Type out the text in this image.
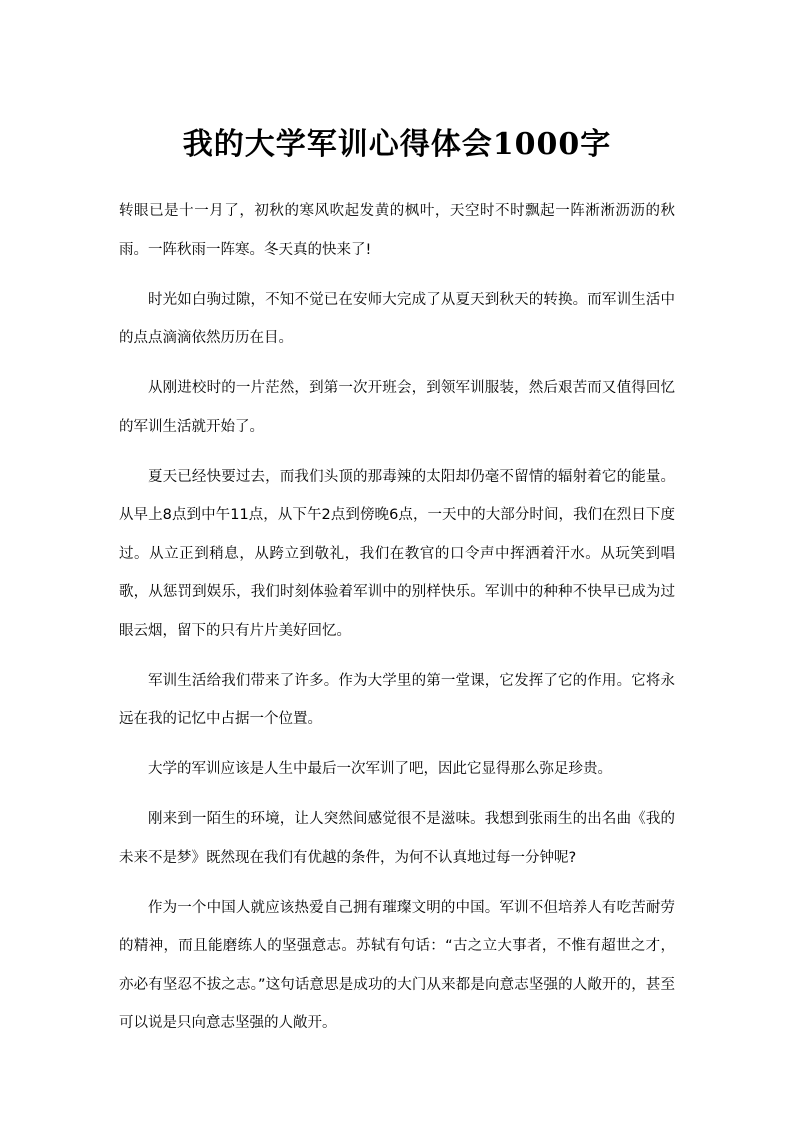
我的大学军训心得体会1000字

转眼已是十一月了，初秋的寒风吹起发黄的枫叶，天空时不时飘起一阵淅淅沥沥的秋雨。一阵秋雨一阵寒。冬天真的快来了!

时光如白驹过隙，不知不觉已在安师大完成了从夏天到秋天的转换。而军训生活中的点点滴滴依然历历在目。

从刚进校时的一片茫然，到第一次开班会，到领军训服装，然后艰苦而又值得回忆的军训生活就开始了。

夏天已经快要过去，而我们头顶的那毒辣的太阳却仍毫不留情的辐射着它的能量。从早上8点到中午11点，从下午2点到傍晚6点，一天中的大部分时间，我们在烈日下度过。从立正到稍息，从跨立到敬礼，我们在教官的口令声中挥洒着汗水。从玩笑到唱歌，从惩罚到娱乐，我们时刻体验着军训中的别样快乐。军训中的种种不快早已成为过眼云烟，留下的只有片片美好回忆。

军训生活给我们带来了许多。作为大学里的第一堂课，它发挥了它的作用。它将永远在我的记忆中占据一个位置。

大学的军训应该是人生中最后一次军训了吧，因此它显得那么弥足珍贵。

刚来到一陌生的环境，让人突然间感觉很不是滋味。我想到张雨生的出名曲《我的未来不是梦》既然现在我们有优越的条件，为何不认真地过每一分钟呢?

作为一个中国人就应该热爱自己拥有璀璨文明的中国。军训不但培养人有吃苦耐劳的精神，而且能磨练人的坚强意志。苏轼有句话：“古之立大事者，不惟有超世之才，亦必有坚忍不拔之志。”这句话意思是成功的大门从来都是向意志坚强的人敞开的，甚至可以说是只向意志坚强的人敞开。
